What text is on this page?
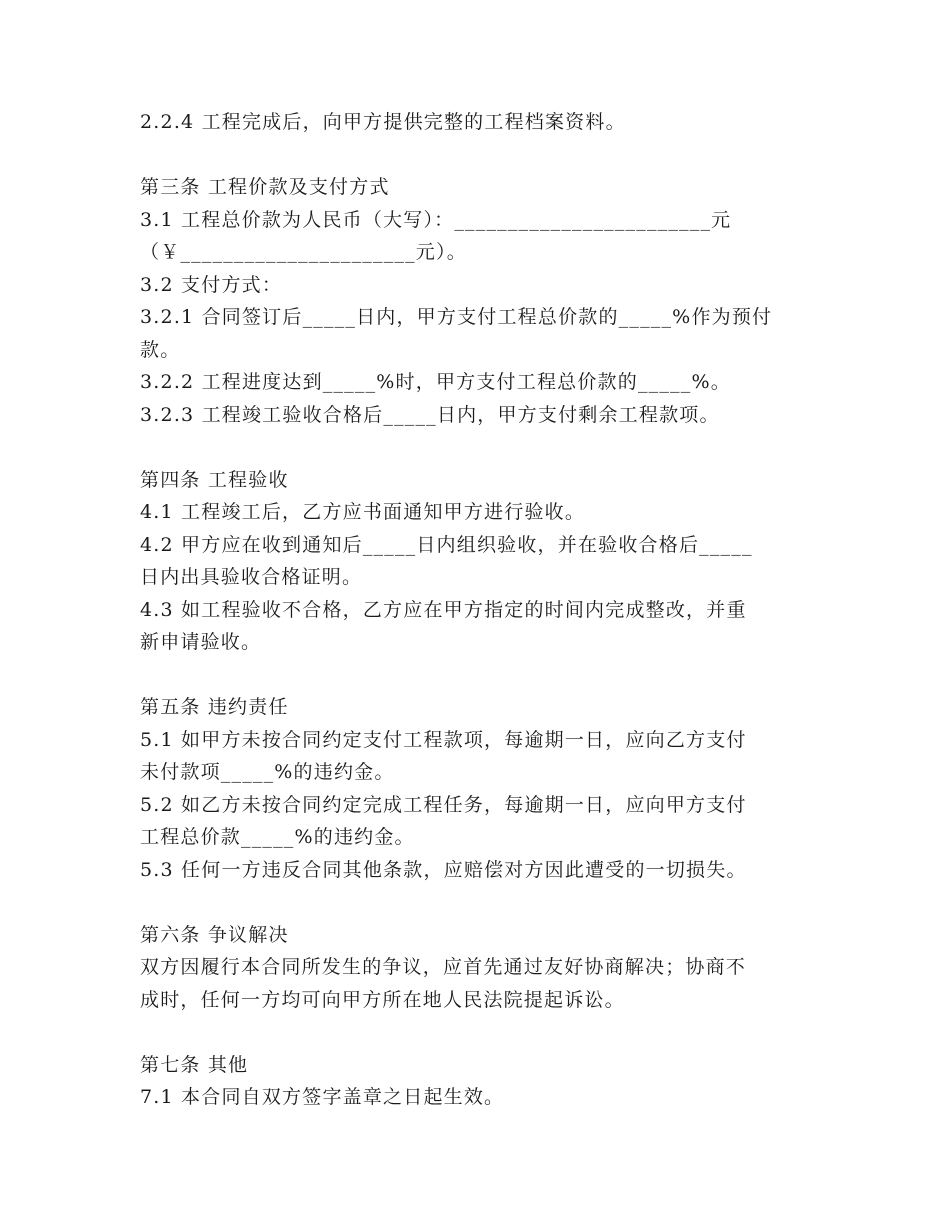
2.2.4 工程完成后，向甲方提供完整的工程档案资料。
第三条 工程价款及支付方式
3.1 工程总价款为人民币（大写）：________________________元
（￥______________________元）。
3.2 支付方式：
3.2.1 合同签订后_____日内，甲方支付工程总价款的_____%作为预付
款。
3.2.2 工程进度达到_____%时，甲方支付工程总价款的_____%。
3.2.3 工程竣工验收合格后_____日内，甲方支付剩余工程款项。
第四条 工程验收
4.1 工程竣工后，乙方应书面通知甲方进行验收。
4.2 甲方应在收到通知后_____日内组织验收，并在验收合格后_____
日内出具验收合格证明。
4.3 如工程验收不合格，乙方应在甲方指定的时间内完成整改，并重
新申请验收。
第五条 违约责任
5.1 如甲方未按合同约定支付工程款项，每逾期一日，应向乙方支付
未付款项_____%的违约金。
5.2 如乙方未按合同约定完成工程任务，每逾期一日，应向甲方支付
工程总价款_____%的违约金。
5.3 任何一方违反合同其他条款，应赔偿对方因此遭受的一切损失。
第六条 争议解决
双方因履行本合同所发生的争议，应首先通过友好协商解决；协商不
成时，任何一方均可向甲方所在地人民法院提起诉讼。
第七条 其他
7.1 本合同自双方签字盖章之日起生效。
